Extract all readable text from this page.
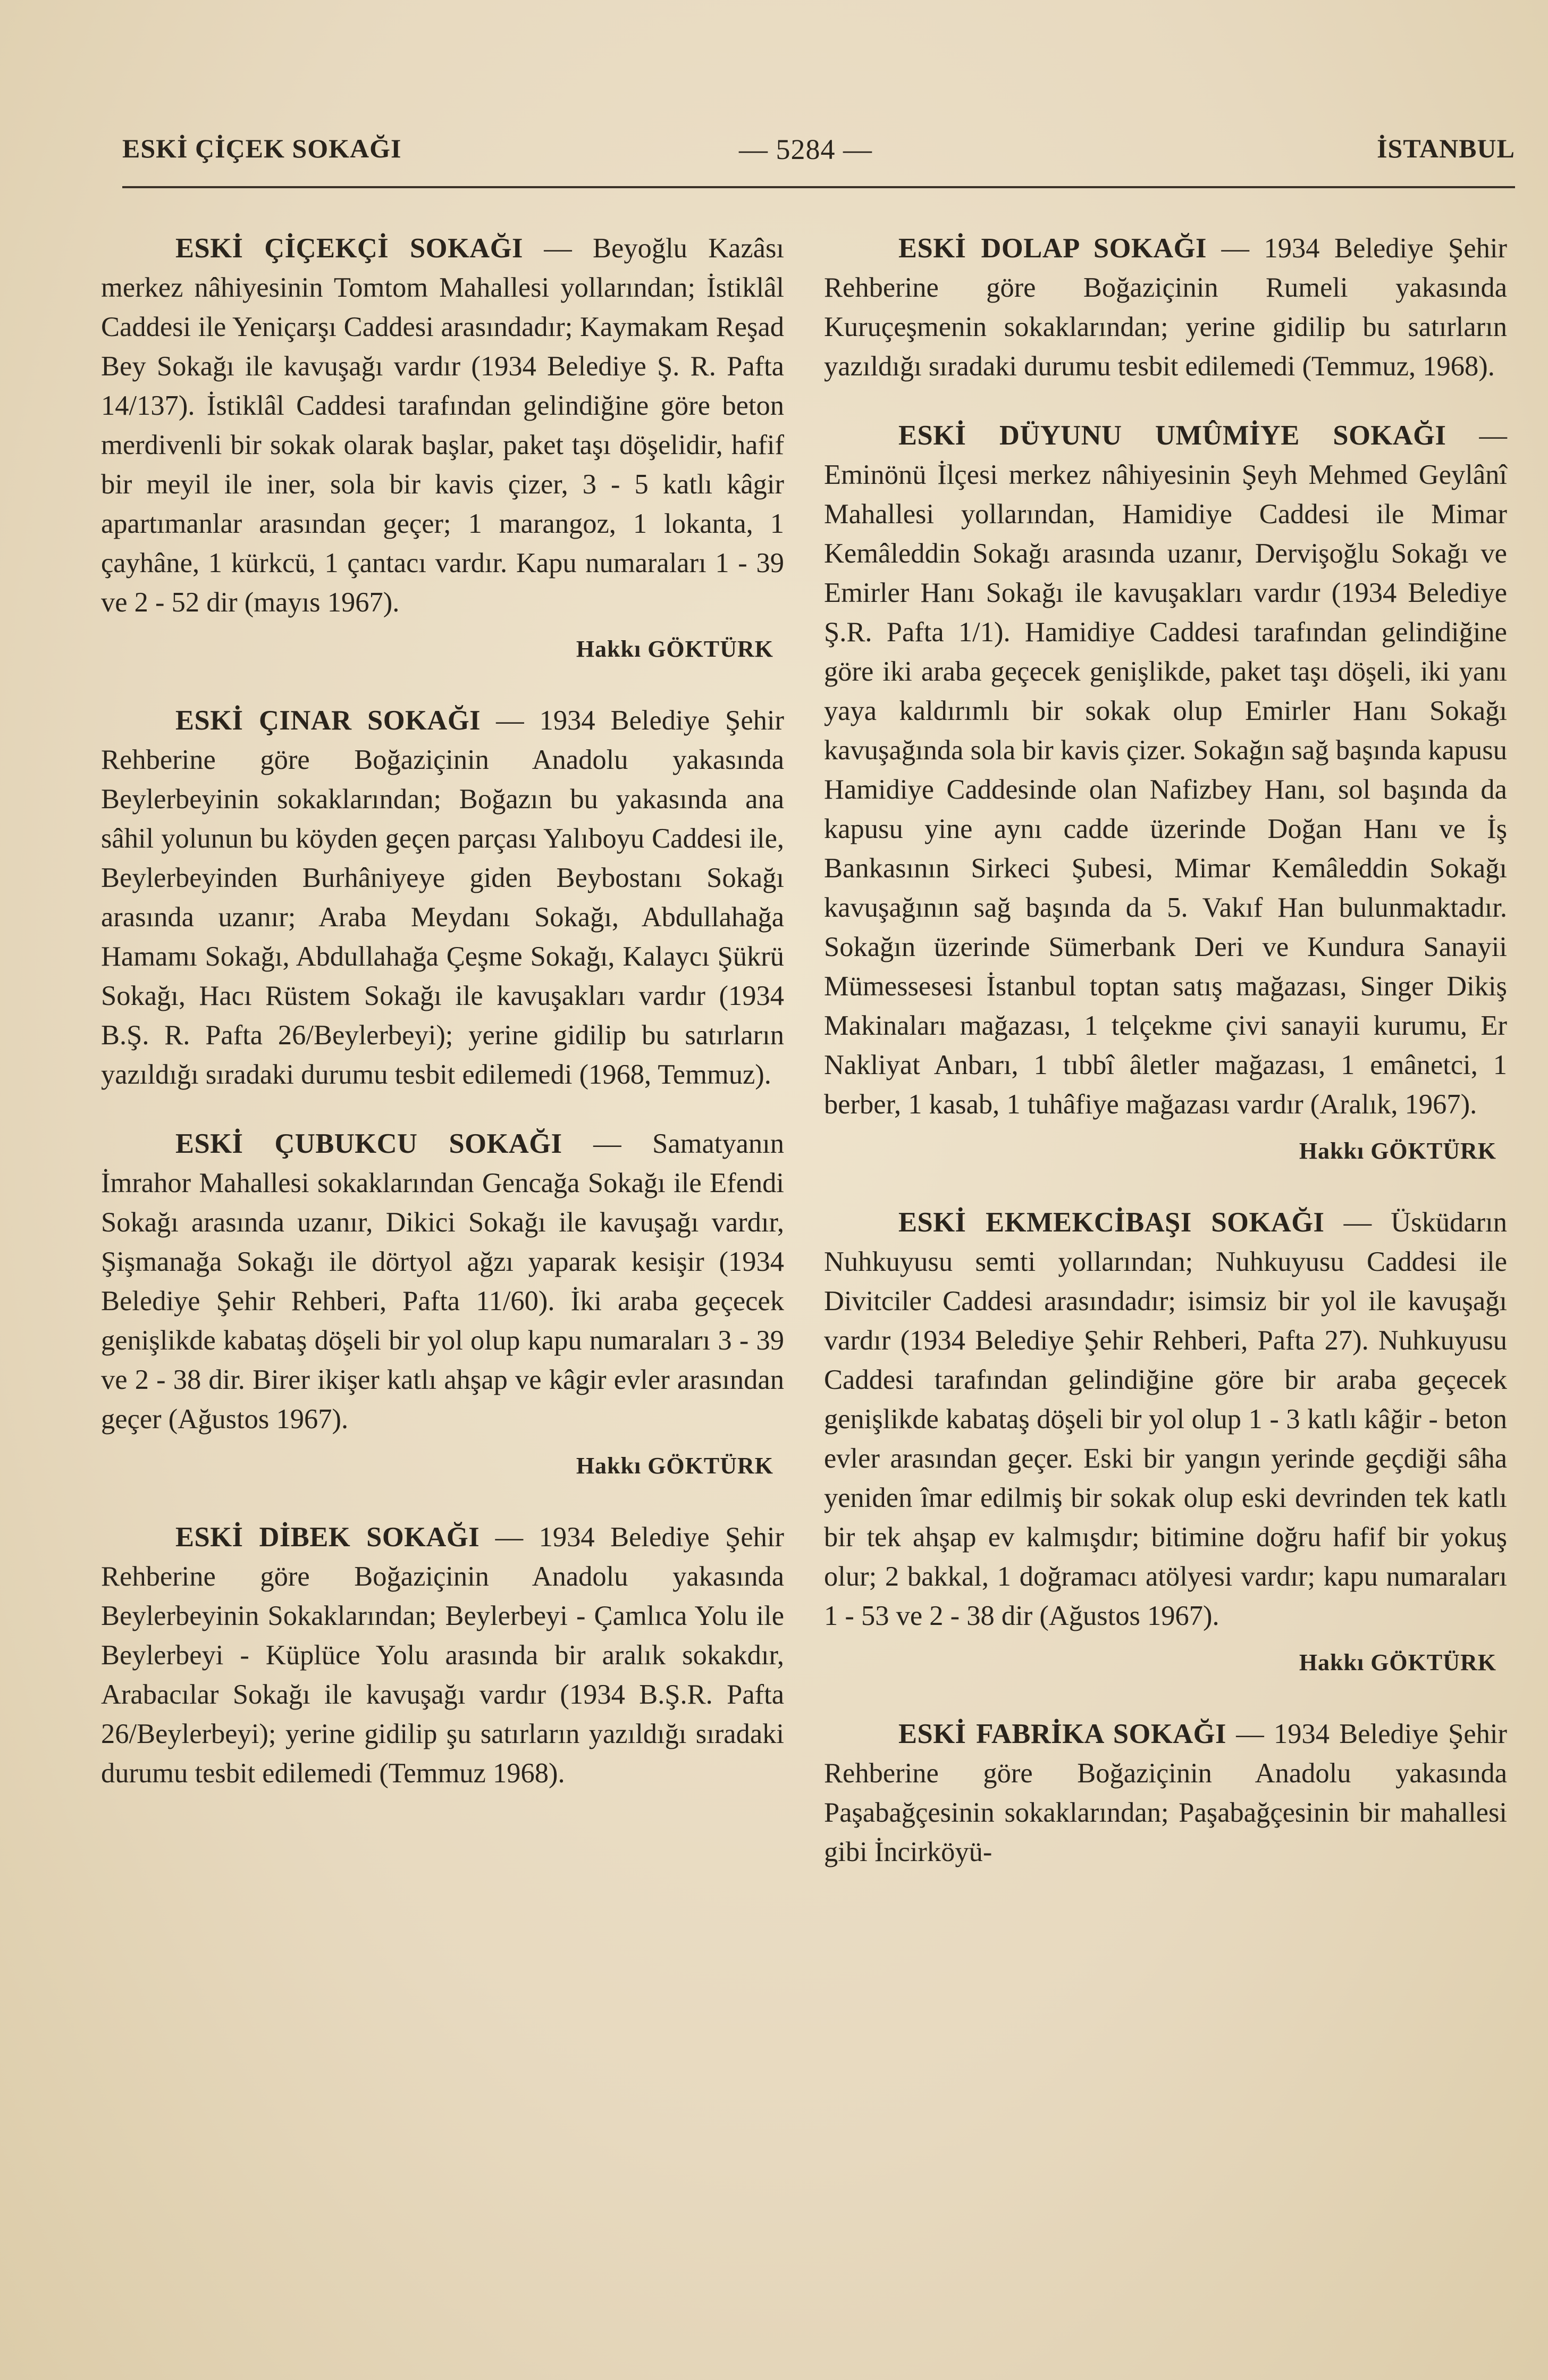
ESKİ ÇİÇEK SOKAĞI	— 5284 —	İSTANBUL

ESKİ ÇİÇEKÇİ SOKAĞI — Beyoğlu Kazâsı merkez nâhiyesinin Tomtom Mahallesi yollarından; İstiklâl Caddesi ile Yeniçarşı Caddesi arasındadır; Kaymakam Reşad Bey Sokağı ile kavuşağı vardır (1934 Belediye Ş. R. Pafta 14/137). İstiklâl Caddesi tarafından gelindiğine göre beton merdivenli bir sokak olarak başlar, paket taşı döşelidir, hafif bir meyil ile iner, sola bir kavis çizer, 3 - 5 katlı kâgir apartımanlar arasından geçer; 1 marangoz, 1 lokanta, 1 çayhâne, 1 kürkcü, 1 çantacı vardır. Kapu numaraları 1 - 39 ve 2 - 52 dir (mayıs 1967).

Hakkı GÖKTÜRK

ESKİ ÇINAR SOKAĞI — 1934 Belediye Şehir Rehberine göre Boğaziçinin Anadolu yakasında Beylerbeyinin sokaklarından; Boğazın bu yakasında ana sâhil yolunun bu köyden geçen parçası Yalıboyu Caddesi ile, Beylerbeyinden Burhâniyeye giden Beybostanı Sokağı arasında uzanır; Araba Meydanı Sokağı, Abdullahağa Hamamı Sokağı, Abdullahağa Çeşme Sokağı, Kalaycı Şükrü Sokağı, Hacı Rüstem Sokağı ile kavuşakları vardır (1934 B.Ş. R. Pafta 26/Beylerbeyi); yerine gidilip bu satırların yazıldığı sıradaki durumu tesbit edilemedi (1968, Temmuz).

ESKİ ÇUBUKCU SOKAĞI — Samatyanın İmrahor Mahallesi sokaklarından Gencağa Sokağı ile Efendi Sokağı arasında uzanır, Dikici Sokağı ile kavuşağı vardır, Şişmanağa Sokağı ile dörtyol ağzı yaparak kesişir (1934 Belediye Şehir Rehberi, Pafta 11/60). İki araba geçecek genişlikde kabataş döşeli bir yol olup kapu numaraları 3 - 39 ve 2 - 38 dir. Birer ikişer katlı ahşap ve kâgir evler arasından geçer (Ağustos 1967).

Hakkı GÖKTÜRK

ESKİ DİBEK SOKAĞI — 1934 Belediye Şehir Rehberine göre Boğaziçinin Anadolu yakasında Beylerbeyinin Sokaklarından; Beylerbeyi - Çamlıca Yolu ile Beylerbeyi - Küplüce Yolu arasında bir aralık sokakdır, Arabacılar Sokağı ile kavuşağı vardır (1934 B.Ş.R. Pafta 26/Beylerbeyi); yerine gidilip şu satırların yazıldığı sıradaki durumu tesbit edilemedi (Temmuz 1968).

ESKİ DOLAP SOKAĞI — 1934 Belediye Şehir Rehberine göre Boğaziçinin Rumeli yakasında Kuruçeşmenin sokaklarından; yerine gidilip bu satırların yazıldığı sıradaki durumu tesbit edilemedi (Temmuz, 1968).

ESKİ DÜYUNU UMÛMİYE SOKAĞI — Eminönü İlçesi merkez nâhiyesinin Şeyh Mehmed Geylânî Mahallesi yollarından, Hamidiye Caddesi ile Mimar Kemâleddin Sokağı arasında uzanır, Dervişoğlu Sokağı ve Emirler Hanı Sokağı ile kavuşakları vardır (1934 Belediye Ş.R. Pafta 1/1). Hamidiye Caddesi tarafından gelindiğine göre iki araba geçecek genişlikde, paket taşı döşeli, iki yanı yaya kaldırımlı bir sokak olup Emirler Hanı Sokağı kavuşağında sola bir kavis çizer. Sokağın sağ başında kapusu Hamidiye Caddesinde olan Nafizbey Hanı, sol başında da kapusu yine aynı cadde üzerinde Doğan Hanı ve İş Bankasının Sirkeci Şubesi, Mimar Kemâleddin Sokağı kavuşağının sağ başında da 5. Vakıf Han bulunmaktadır. Sokağın üzerinde Sümerbank Deri ve Kundura Sanayii Mümessesesi İstanbul toptan satış mağazası, Singer Dikiş Makinaları mağazası, 1 telçekme çivi sanayii kurumu, Er Nakliyat Anbarı, 1 tıbbî âletler mağazası, 1 emânetci, 1 berber, 1 kasab, 1 tuhâfiye mağazası vardır (Aralık, 1967).

Hakkı GÖKTÜRK

ESKİ EKMEKCİBAŞI SOKAĞI — Üsküdarın Nuhkuyusu semti yollarından; Nuhkuyusu Caddesi ile Divitciler Caddesi arasındadır; isimsiz bir yol ile kavuşağı vardır (1934 Belediye Şehir Rehberi, Pafta 27). Nuhkuyusu Caddesi tarafından gelindiğine göre bir araba geçecek genişlikde kabataş döşeli bir yol olup 1 - 3 katlı kâğir - beton evler arasından geçer. Eski bir yangın yerinde geçdiği sâha yeniden îmar edilmiş bir sokak olup eski devrinden tek katlı bir tek ahşap ev kalmışdır; bitimine doğru hafif bir yokuş olur; 2 bakkal, 1 doğramacı atölyesi vardır; kapu numaraları 1 - 53 ve 2 - 38 dir (Ağustos 1967).

Hakkı GÖKTÜRK

ESKİ FABRİKA SOKAĞI — 1934 Belediye Şehir Rehberine göre Boğaziçinin Anadolu yakasında Paşabağçesinin sokaklarından; Paşabağçesinin bir mahallesi gibi İncirköyü-
